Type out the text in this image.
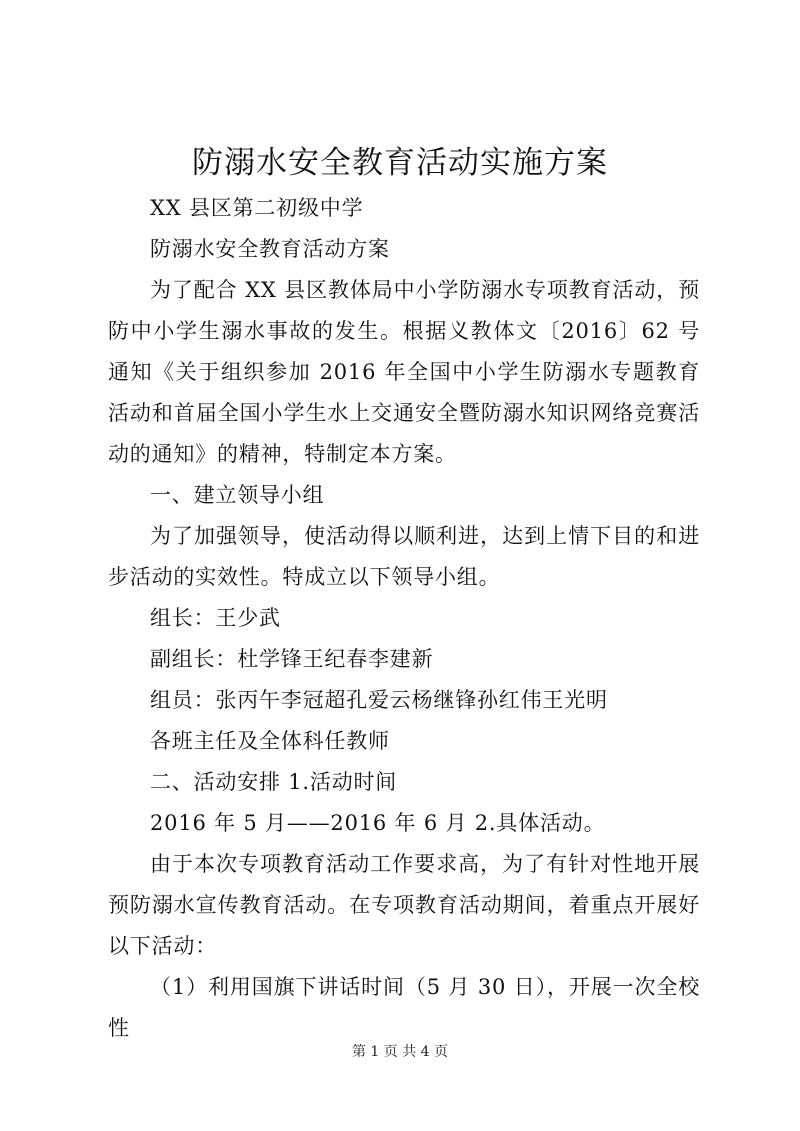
防溺水安全教育活动实施方案

XX 县区第二初级中学

防溺水安全教育活动方案

为了配合 XX 县区教体局中小学防溺水专项教育活动，预防中小学生溺水事故的发生。根据义教体文〔2016〕62 号通知《关于组织参加 2016 年全国中小学生防溺水专题教育活动和首届全国小学生水上交通安全暨防溺水知识网络竞赛活动的通知》的精神，特制定本方案。

一、建立领导小组

为了加强领导，使活动得以顺利进，达到上情下目的和进步活动的实效性。特成立以下领导小组。

组长：王少武

副组长：杜学锋王纪春李建新

组员：张丙午李冠超孔爱云杨继锋孙红伟王光明

各班主任及全体科任教师

二、活动安排 1.活动时间

2016 年 5 月——2016 年 6 月 2.具体活动。

由于本次专项教育活动工作要求高，为了有针对性地开展预防溺水宣传教育活动。在专项教育活动期间，着重点开展好以下活动：

（1）利用国旗下讲话时间（5 月 30 日），开展一次全校性

第 1 页 共 4 页
